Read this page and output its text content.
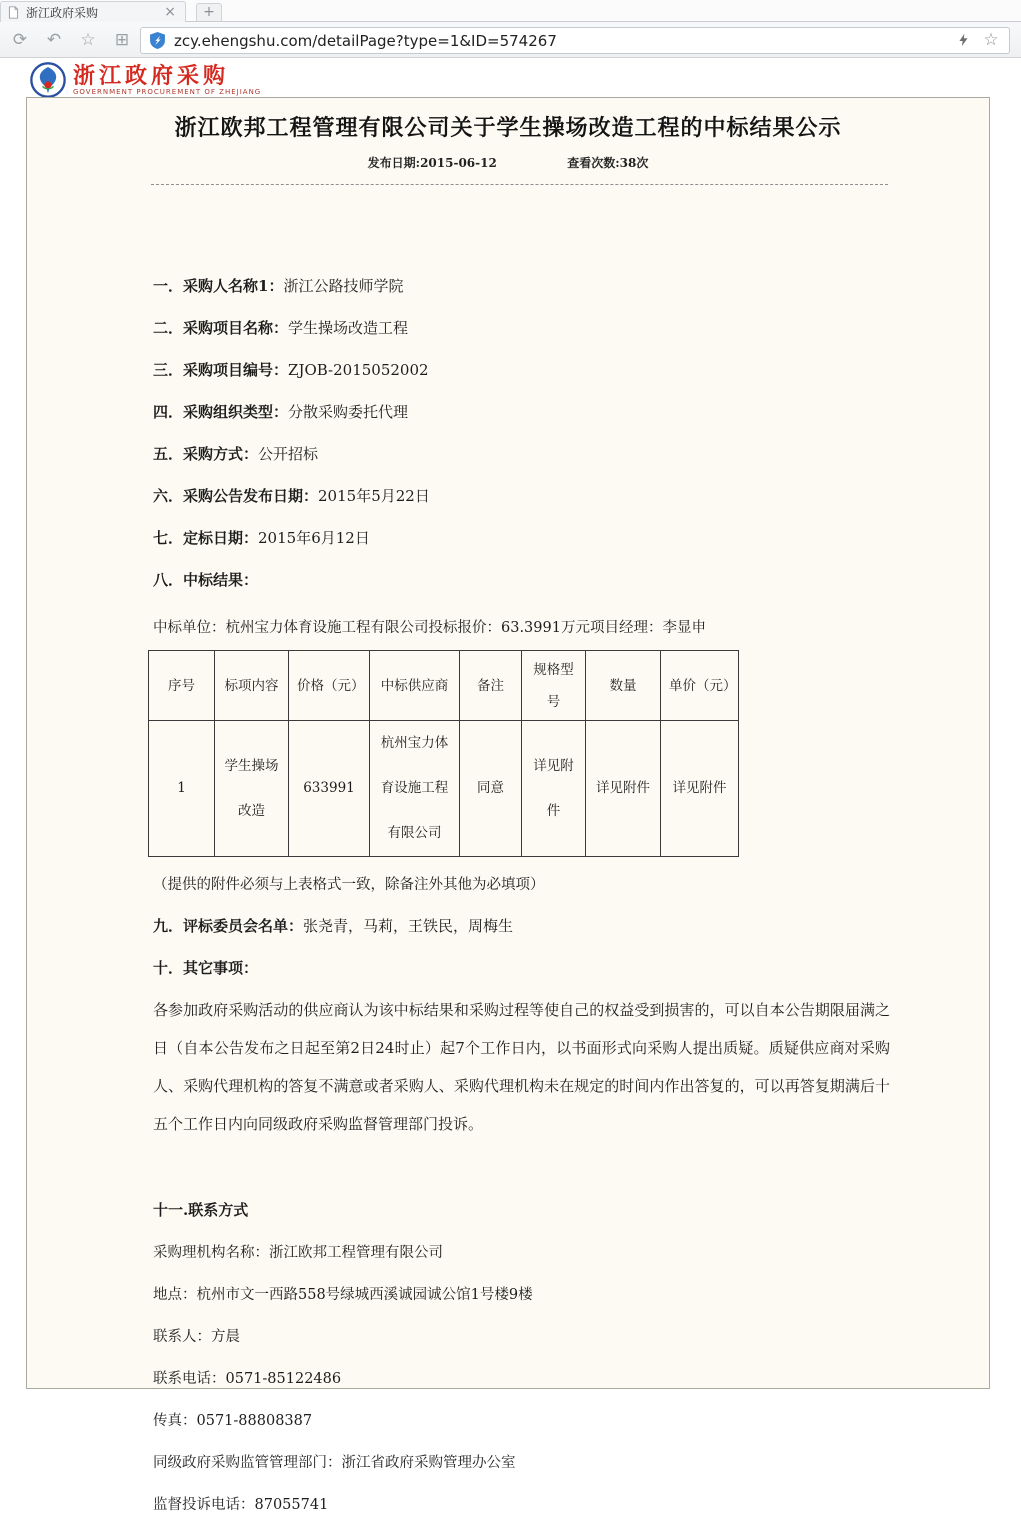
浙江政府采购	×	+
⟳ ↶ ☆ ⊞	zcy.ehengshu.com/detailPage?type=1&ID=574267	☆
浙江政府采购
GOVERNMENT PROCUREMENT OF ZHEJIANG
浙江欧邦工程管理有限公司关于学生操场改造工程的中标结果公示
发布日期:2015-06-12	查看次数:38次
一．采购人名称1：浙江公路技师学院
二．采购项目名称：学生操场改造工程
三．采购项目编号：ZJOB-2015052002
四．采购组织类型：分散采购委托代理
五．采购方式：公开招标
六．采购公告发布日期：2015年5月22日
七．定标日期：2015年6月12日
八．中标结果：
中标单位：杭州宝力体育设施工程有限公司投标报价：63.3991万元项目经理：李显申
序号	标项内容	价格（元）	中标供应商	备注	规格型号	数量	单价（元）
1	学生操场改造	633991	杭州宝力体育设施工程有限公司	同意	详见附件	详见附件	详见附件
（提供的附件必须与上表格式一致，除备注外其他为必填项）
九．评标委员会名单：张尧青，马莉，王铁民，周梅生
十．其它事项：
各参加政府采购活动的供应商认为该中标结果和采购过程等使自己的权益受到损害的，可以自本公告期限届满之日（自本公告发布之日起至第2日24时止）起7个工作日内，以书面形式向采购人提出质疑。质疑供应商对采购人、采购代理机构的答复不满意或者采购人、采购代理机构未在规定的时间内作出答复的，可以再答复期满后十五个工作日内向同级政府采购监督管理部门投诉。
十一.联系方式
采购理机构名称：浙江欧邦工程管理有限公司
地点：杭州市文一西路558号绿城西溪诚园诚公馆1号楼9楼
联系人：方晨
联系电话：0571-85122486
传真：0571-88808387
同级政府采购监管管理部门：浙江省政府采购管理办公室
监督投诉电话：87055741
